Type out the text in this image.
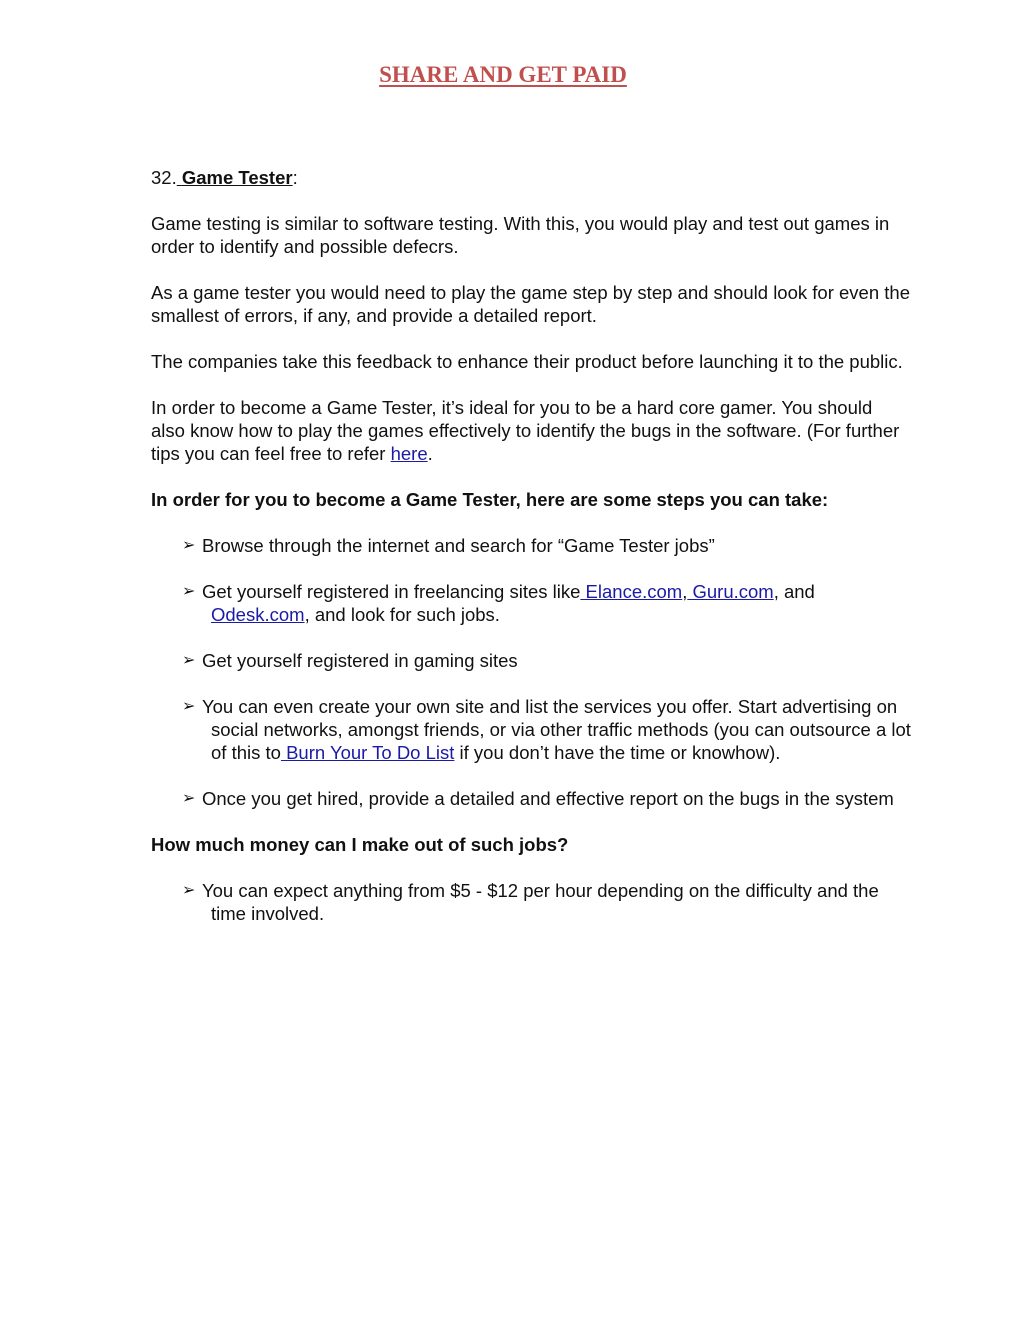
SHARE AND GET PAID

32. Game Tester:

Game testing is similar to software testing. With this, you would play and test out games in order to identify and possible defecrs.

As a game tester you would need to play the game step by step and should look for even the smallest of errors, if any, and provide a detailed report.

The companies take this feedback to enhance their product before launching it to the public.

In order to become a Game Tester, it’s ideal for you to be a hard core gamer. You should also know how to play the games effectively to identify the bugs in the software. (For further tips you can feel free to refer here.

In order for you to become a Game Tester, here are some steps you can take:

➢ Browse through the internet and search for “Game Tester jobs”
➢ Get yourself registered in freelancing sites like Elance.com, Guru.com, and Odesk.com, and look for such jobs.
➢ Get yourself registered in gaming sites
➢ You can even create your own site and list the services you offer. Start advertising on social networks, amongst friends, or via other traffic methods (you can outsource a lot of this to Burn Your To Do List if you don’t have the time or knowhow).
➢ Once you get hired, provide a detailed and effective report on the bugs in the system

How much money can I make out of such jobs?

➢ You can expect anything from $5 - $12 per hour depending on the difficulty and the time involved.
